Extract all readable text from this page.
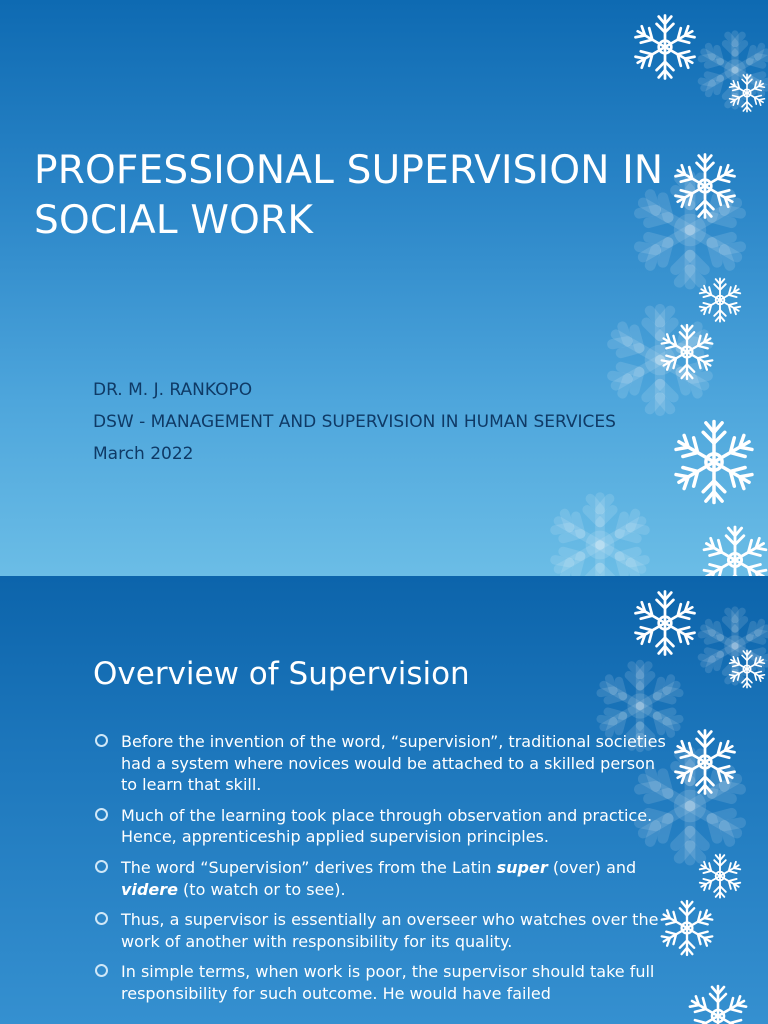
PROFESSIONAL SUPERVISION IN
SOCIAL WORK
DR. M. J. RANKOPO
DSW - MANAGEMENT AND SUPERVISION IN HUMAN SERVICES
March 2022
Overview of Supervision
Before the invention of the word, “supervision”, traditional societies had a system where novices would be attached to a skilled person to learn that skill.
Much of the learning took place through observation and practice. Hence, apprenticeship applied supervision principles.
The word “Supervision” derives from the Latin super (over) and videre (to watch or to see).
Thus, a supervisor is essentially an overseer who watches over the work of another with responsibility for its quality.
In simple terms, when work is poor, the supervisor should take full responsibility for such outcome. He would have failed
